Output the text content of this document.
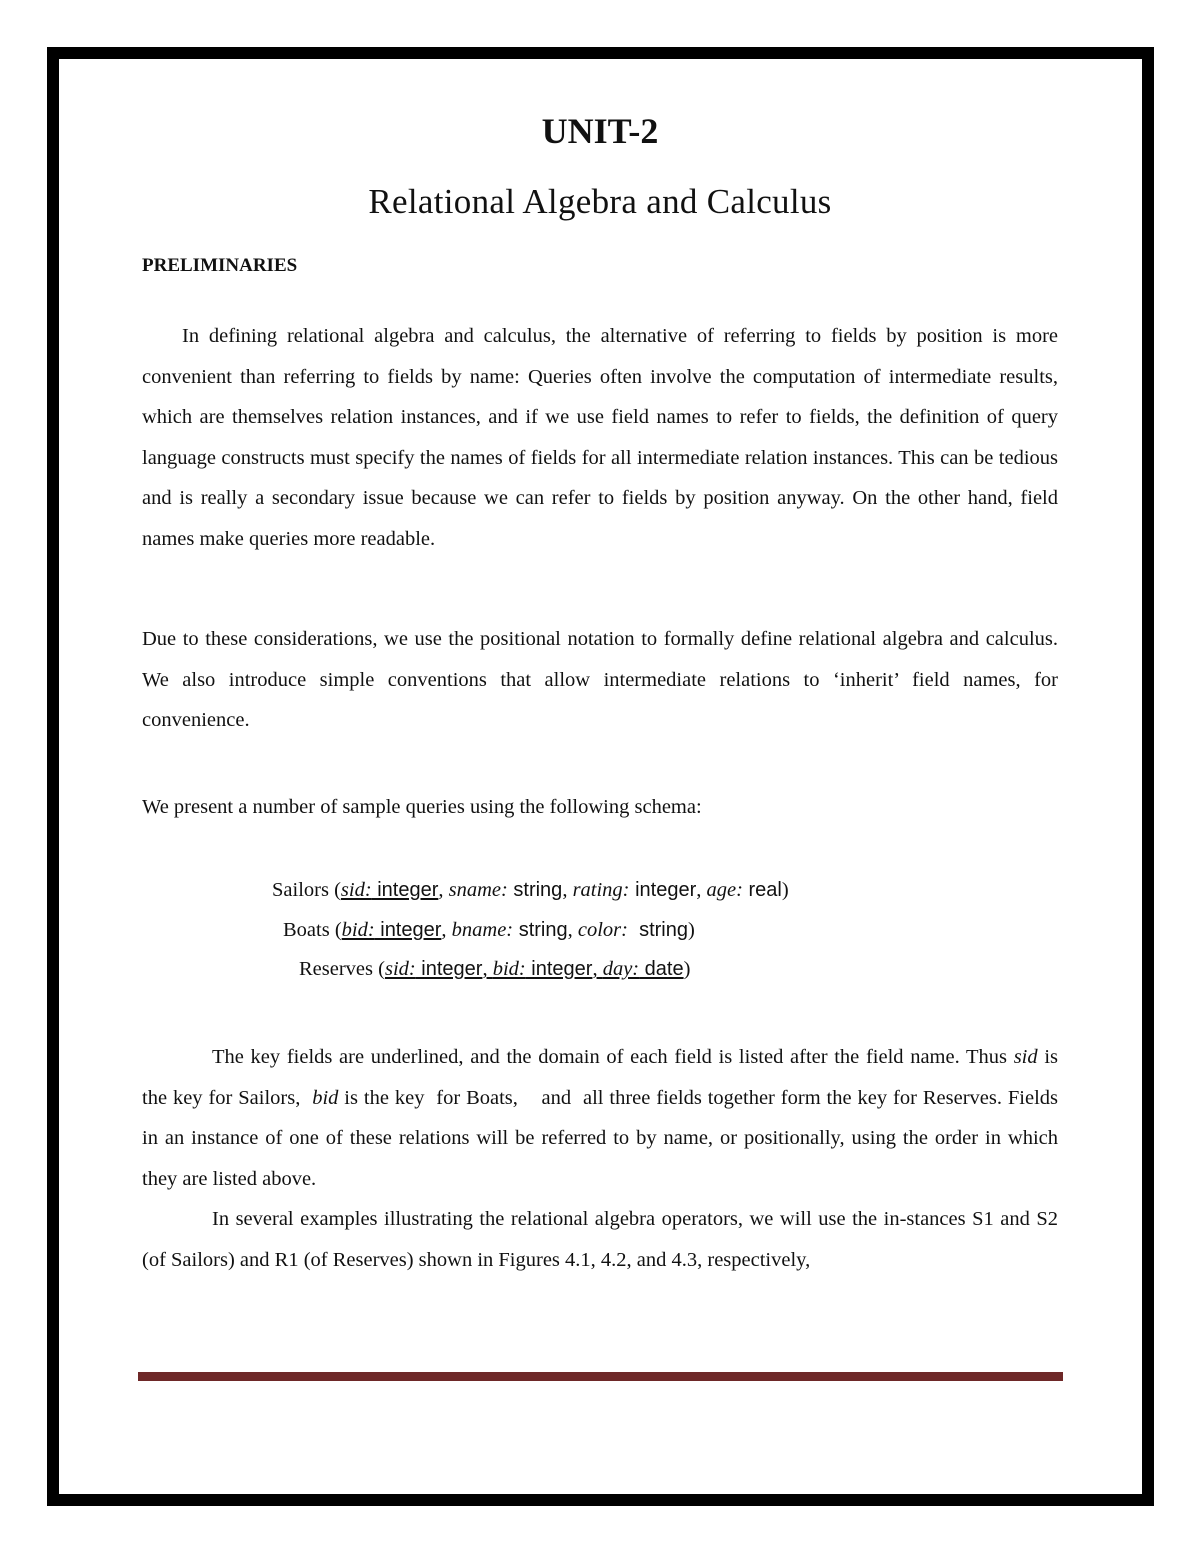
UNIT-2
Relational Algebra and Calculus
PRELIMINARIES

In defining relational algebra and calculus, the alternative of referring to fields by position is more convenient than referring to fields by name: Queries often involve the computation of intermediate results, which are themselves relation instances, and if we use field names to refer to fields, the definition of query language constructs must specify the names of fields for all intermediate relation instances. This can be tedious and is really a secondary issue because we can refer to fields by position anyway. On the other hand, field names make queries more readable.

Due to these considerations, we use the positional notation to formally define relational algebra and calculus. We also introduce simple conventions that allow intermediate relations to ‘inherit’ field names, for convenience.

We present a number of sample queries using the following schema:

Sailors (sid: integer, sname: string, rating: integer, age: real)
Boats (bid: integer, bname: string, color:  string)
Reserves (sid: integer, bid: integer, day: date)

The key fields are underlined, and the domain of each field is listed after the field name. Thus sid is the key for Sailors,  bid is the key  for Boats,    and  all three fields together form the key for Reserves. Fields in an instance of one of these relations will be referred to by name, or positionally, using the order in which they are listed above.

In several examples illustrating the relational algebra operators, we will use the in-stances S1 and S2 (of Sailors) and R1 (of Reserves) shown in Figures 4.1, 4.2, and 4.3, respectively,
